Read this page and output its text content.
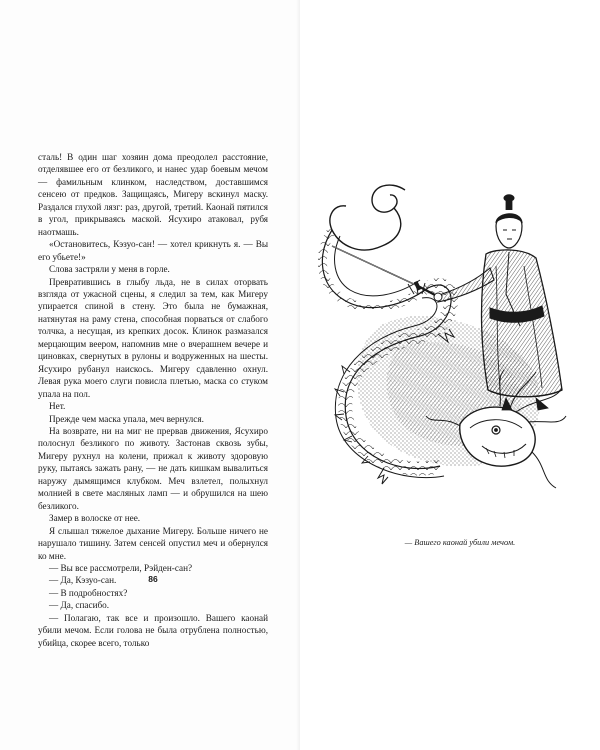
сталь! В один шаг хозяин дома преодолел расстояние, отделявшее его от безликого, и нанес удар боевым мечом — фамильным клинком, наследством, доставшимся сенсею от предков. Защищаясь, Мигеру вскинул маску. Раздался глухой лязг: раз, другой, третий. Каонай пятился в угол, прикрываясь маской. Ясухиро атаковал, рубя наотмашь.

«Остановитесь, Кэзуо-сан! — хотел крикнуть я. — Вы его убьете!»

Слова застряли у меня в горле.

Превратившись в глыбу льда, не в силах оторвать взгляда от ужасной сцены, я следил за тем, как Мигеру упирается спиной в стену. Это была не бумажная, натянутая на раму стена, способная порваться от слабого толчка, а несущая, из крепких досок. Клинок размазался мерцающим веером, напомнив мне о вчерашнем вечере и циновках, свернутых в рулоны и водруженных на шесты. Ясухиро рубанул наискось. Мигеру сдавленно охнул. Левая рука моего слуги повисла плетью, маска со стуком упала на пол.

Нет.

Прежде чем маска упала, меч вернулся.

На возврате, ни на миг не прервав движения, Ясухиро полоснул безликого по животу. Застонав сквозь зубы, Мигеру рухнул на колени, прижал к животу здоровую руку, пытаясь зажать рану, — не дать кишкам вывалиться наружу дымящимся клубком. Меч взлетел, полыхнул молнией в свете масляных ламп — и обрушился на шею безликого.

Замер в волоске от нее.

Я слышал тяжелое дыхание Мигеру. Больше ничего не нарушало тишину. Затем сенсей опустил меч и обернулся ко мне.

— Вы все рассмотрели, Рэйден-сан?

— Да, Кэзуо-сан.

— В подробностях?

— Да, спасибо.

— Полагаю, так все и произошло. Вашего каонай убили мечом. Если голова не была отрублена полностью, убийца, скорее всего, только

86
— Вашего каонай убили мечом.
